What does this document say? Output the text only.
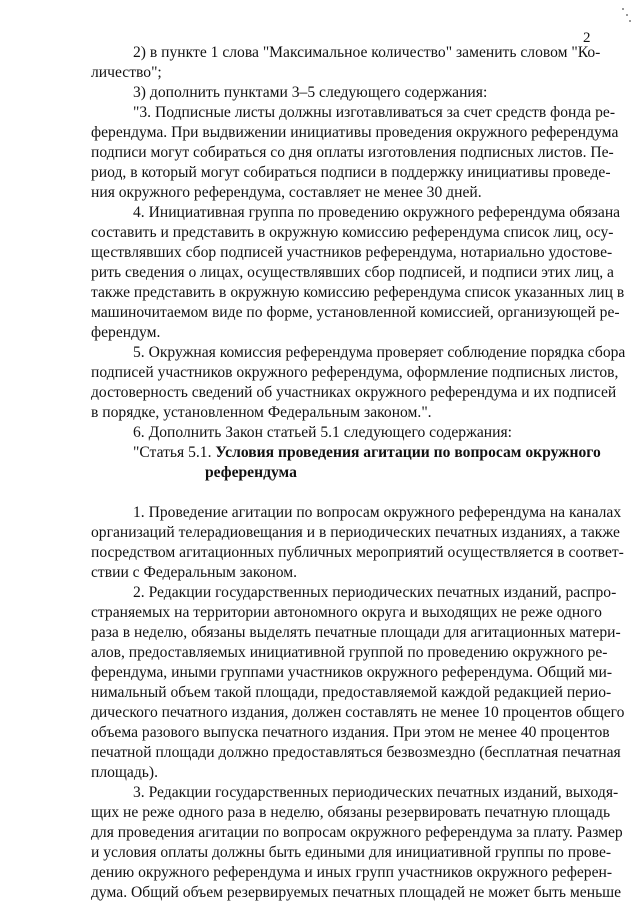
2
2) в пункте 1 слова "Максимальное количество" заменить словом "Ко-
личество";
3) дополнить пунктами 3–5 следующего содержания:
"3. Подписные листы должны изготавливаться за счет средств фонда ре-
ферендума. При выдвижении инициативы проведения окружного референдума
подписи могут собираться со дня оплаты изготовления подписных листов. Пе-
риод, в который могут собираться подписи в поддержку инициативы проведе-
ния окружного референдума, составляет не менее 30 дней.
4. Инициативная группа по проведению окружного референдума обязана
составить и представить в окружную комиссию референдума список лиц, осу-
ществлявших сбор подписей участников референдума, нотариально удостове-
рить сведения о лицах, осуществлявших сбор подписей, и подписи этих лиц, а
также представить в окружную комиссию референдума список указанных лиц в
машиночитаемом виде по форме, установленной комиссией, организующей ре-
ферендум.
5. Окружная комиссия референдума проверяет соблюдение порядка сбора
подписей участников окружного референдума, оформление подписных листов,
достоверность сведений об участниках окружного референдума и их подписей
в порядке, установленном Федеральным законом.".
6. Дополнить Закон статьей 5.1 следующего содержания:
"Статья 5.1. Условия проведения агитации по вопросам окружного
референдума
1. Проведение агитации по вопросам окружного референдума на каналах
организаций телерадиовещания и в периодических печатных изданиях, а также
посредством агитационных публичных мероприятий осуществляется в соответ-
ствии с Федеральным законом.
2. Редакции государственных периодических печатных изданий, распро-
страняемых на территории автономного округа и выходящих не реже одного
раза в неделю, обязаны выделять печатные площади для агитационных матери-
алов, предоставляемых инициативной группой по проведению окружного ре-
ферендума, иными группами участников окружного референдума. Общий ми-
нимальный объем такой площади, предоставляемой каждой редакцией перио-
дического печатного издания, должен составлять не менее 10 процентов общего
объема разового выпуска печатного издания. При этом не менее 40 процентов
печатной площади должно предоставляться безвозмездно (бесплатная печатная
площадь).
3. Редакции государственных периодических печатных изданий, выходя-
щих не реже одного раза в неделю, обязаны резервировать печатную площадь
для проведения агитации по вопросам окружного референдума за плату. Размер
и условия оплаты должны быть едиными для инициативной группы по прове-
дению окружного референдума и иных групп участников окружного референ-
дума. Общий объем резервируемых печатных площадей не может быть меньше
